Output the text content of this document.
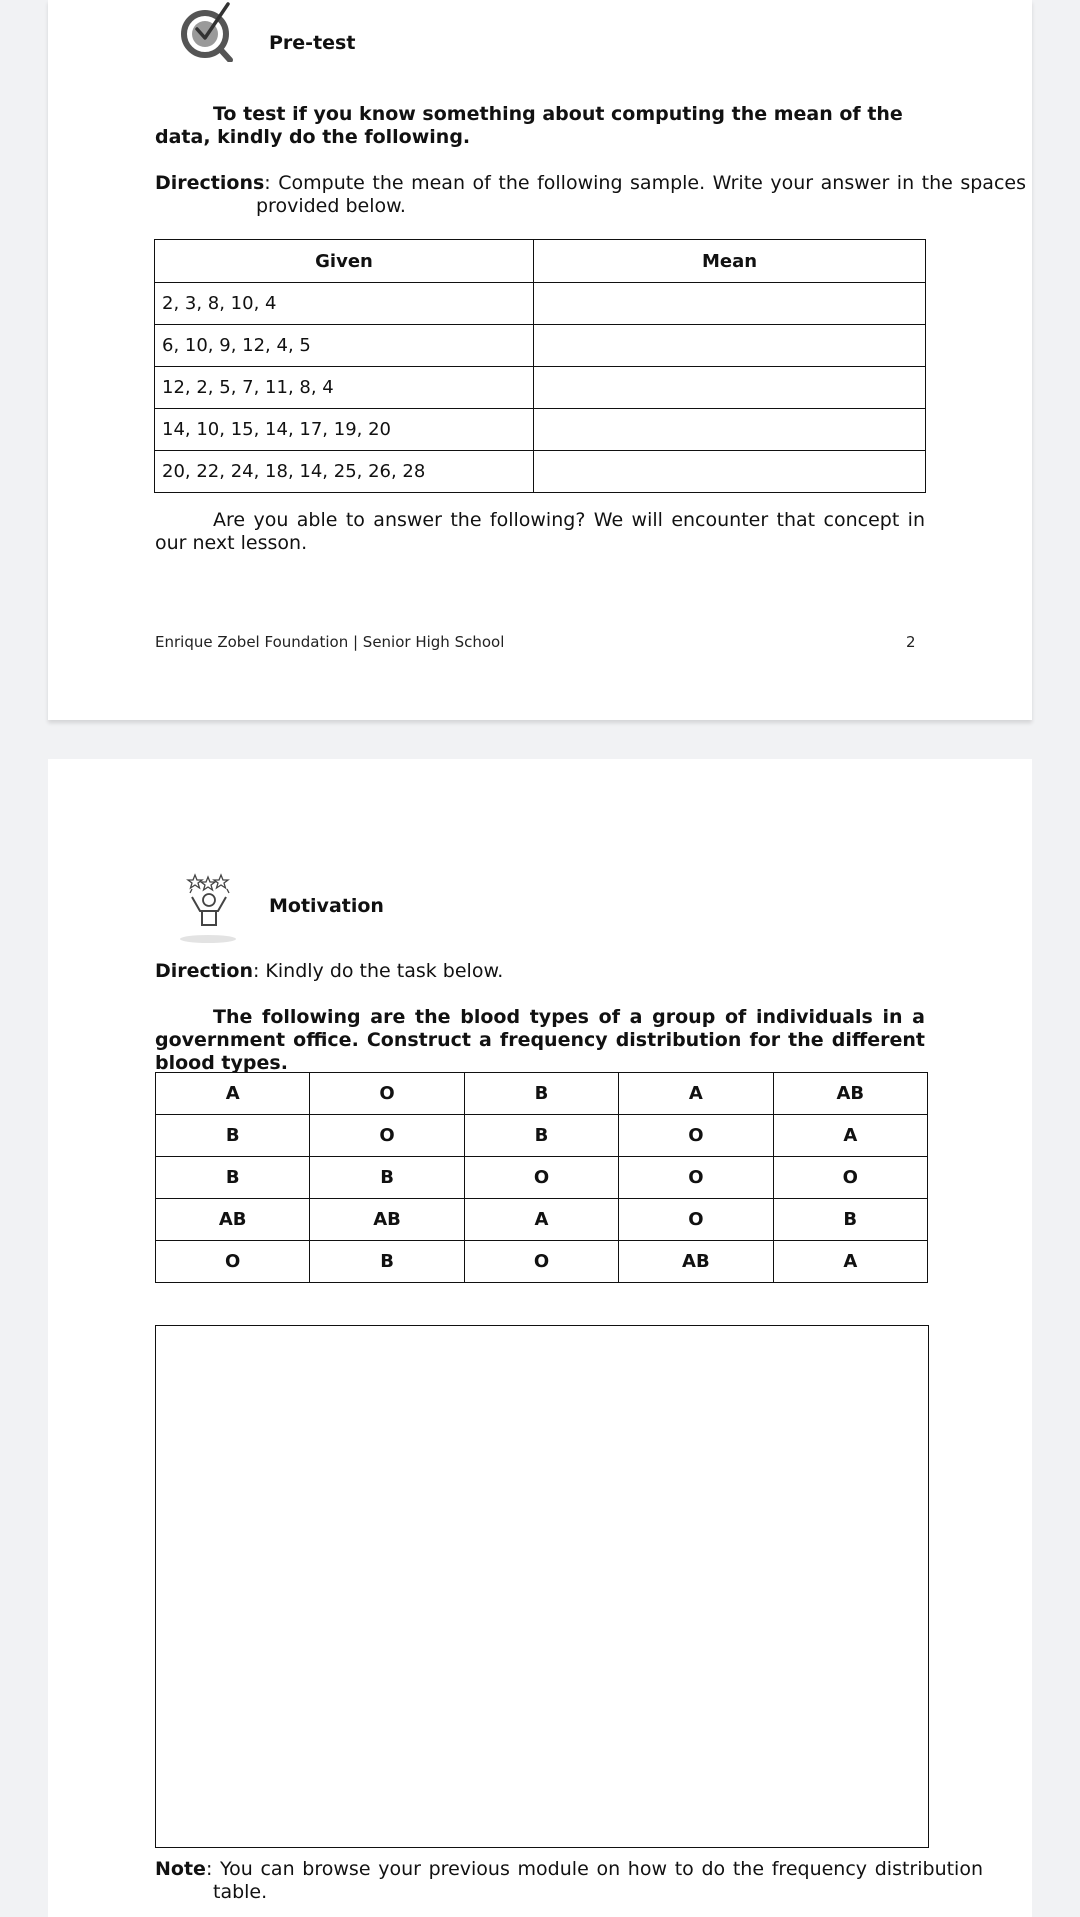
Pre-test
To test if you know something about computing the mean of the data, kindly do the following.
Directions: Compute the mean of the following sample. Write your answer in the spaces provided below.
Given	Mean
2, 3, 8, 10, 4	
6, 10, 9, 12, 4, 5	
12, 2, 5, 7, 11, 8, 4	
14, 10, 15, 14, 17, 19, 20	
20, 22, 24, 18, 14, 25, 26, 28	
Are you able to answer the following? We will encounter that concept in our next lesson.
Enrique Zobel Foundation | Senior High School	2
Motivation
Direction: Kindly do the task below.
The following are the blood types of a group of individuals in a government office. Construct a frequency distribution for the different blood types.
A	O	B	A	AB
B	O	B	O	A
B	B	O	O	O
AB	AB	A	O	B
O	B	O	AB	A
Note: You can browse your previous module on how to do the frequency distribution table.
